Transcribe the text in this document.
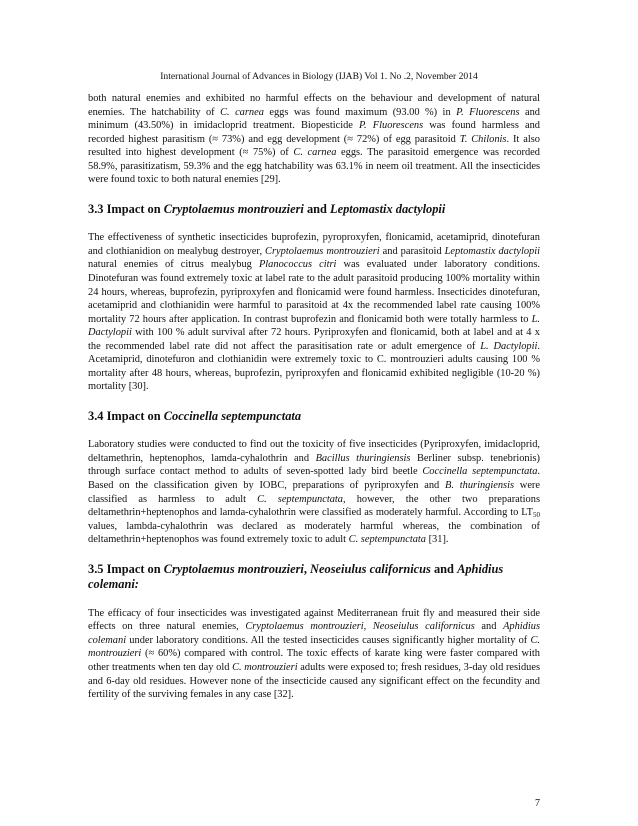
International Journal of Advances in Biology (IJAB) Vol 1. No .2, November 2014

both natural enemies and exhibited no harmful effects on the behaviour and development of natural enemies. The hatchability of C. carnea eggs was found maximum (93.00 %) in P. Fluorescens and minimum (43.50%) in imidacloprid treatment. Biopesticide P. Fluorescens was found harmless and recorded highest parasitism (≈ 73%) and egg development (≈ 72%) of egg parasitoid T. Chilonis. It also resulted into highest development (≈ 75%) of C. carnea eggs. The parasitoid emergence was recorded 58.9%, parasitizatism, 59.3% and the egg hatchability was 63.1% in neem oil treatment. All the insecticides were found toxic to both natural enemies [29].

3.3 Impact on Cryptolaemus montrouzieri and Leptomastix dactylopii

The effectiveness of synthetic insecticides buprofezin, pyroproxyfen, flonicamid, acetamiprid, dinotefuran and clothianidion on mealybug destroyer, Cryptolaemus montrouzieri and parasitoid Leptomastix dactylopii natural enemies of citrus mealybug Planococcus citri was evaluated under laboratory conditions. Dinotefuran was found extremely toxic at label rate to the adult parasitoid producing 100% mortality within 24 hours, whereas, buprofezin, pyriproxyfen and flonicamid were found harmless. Insecticides dinotefuran, acetamiprid and clothianidin were harmful to parasitoid at 4x the recommended label rate causing 100% mortality 72 hours after application. In contrast buprofezin and flonicamid both were totally harmless to L. Dactylopii with 100 % adult survival after 72 hours. Pyriproxyfen and flonicamid, both at label and at 4 x the recommended label rate did not affect the parasitisation rate or adult emergence of L. Dactylopii. Acetamiprid, dinotefuron and clothianidin were extremely toxic to C. montrouzieri adults causing 100 % mortality after 48 hours, whereas, buprofezin, pyriproxyfen and flonicamid exhibited negligible (10-20 %) mortality [30].

3.4 Impact on Coccinella septempunctata

Laboratory studies were conducted to find out the toxicity of five insecticides (Pyriproxyfen, imidacloprid, deltamethrin, heptenophos, lamda-cyhalothrin and Bacillus thuringiensis Berliner subsp. tenebrionis) through surface contact method to adults of seven-spotted lady bird beetle Coccinella septempunctata. Based on the classification given by IOBC, preparations of pyriproxyfen and B. thuringiensis were classified as harmless to adult C. septempunctata, however, the other two preparations deltamethrin+heptenophos and lamda-cyhalothrin were classified as moderately harmful. According to $LT_{50}$ values, lambda-cyhalothrin was declared as moderately harmful whereas, the combination of deltamethrin+heptenophos was found extremely toxic to adult C. septempunctata [31].

3.5 Impact on Cryptolaemus montrouzieri, Neoseiulus californicus and Aphidius colemani:

The efficacy of four insecticides was investigated against Mediterranean fruit fly and measured their side effects on three natural enemies, Cryptolaemus montrouzieri, Neoseiulus californicus and Aphidius colemani under laboratory conditions. All the tested insecticides causes significantly higher mortality of C. montrouzieri (≈ 60%) compared with control. The toxic effects of karate king were faster compared with other treatments when ten day old C. montrouzieri adults were exposed to; fresh residues, 3-day old residues and 6-day old residues. However none of the insecticide caused any significant effect on the fecundity and fertility of the surviving females in any case [32].

7
